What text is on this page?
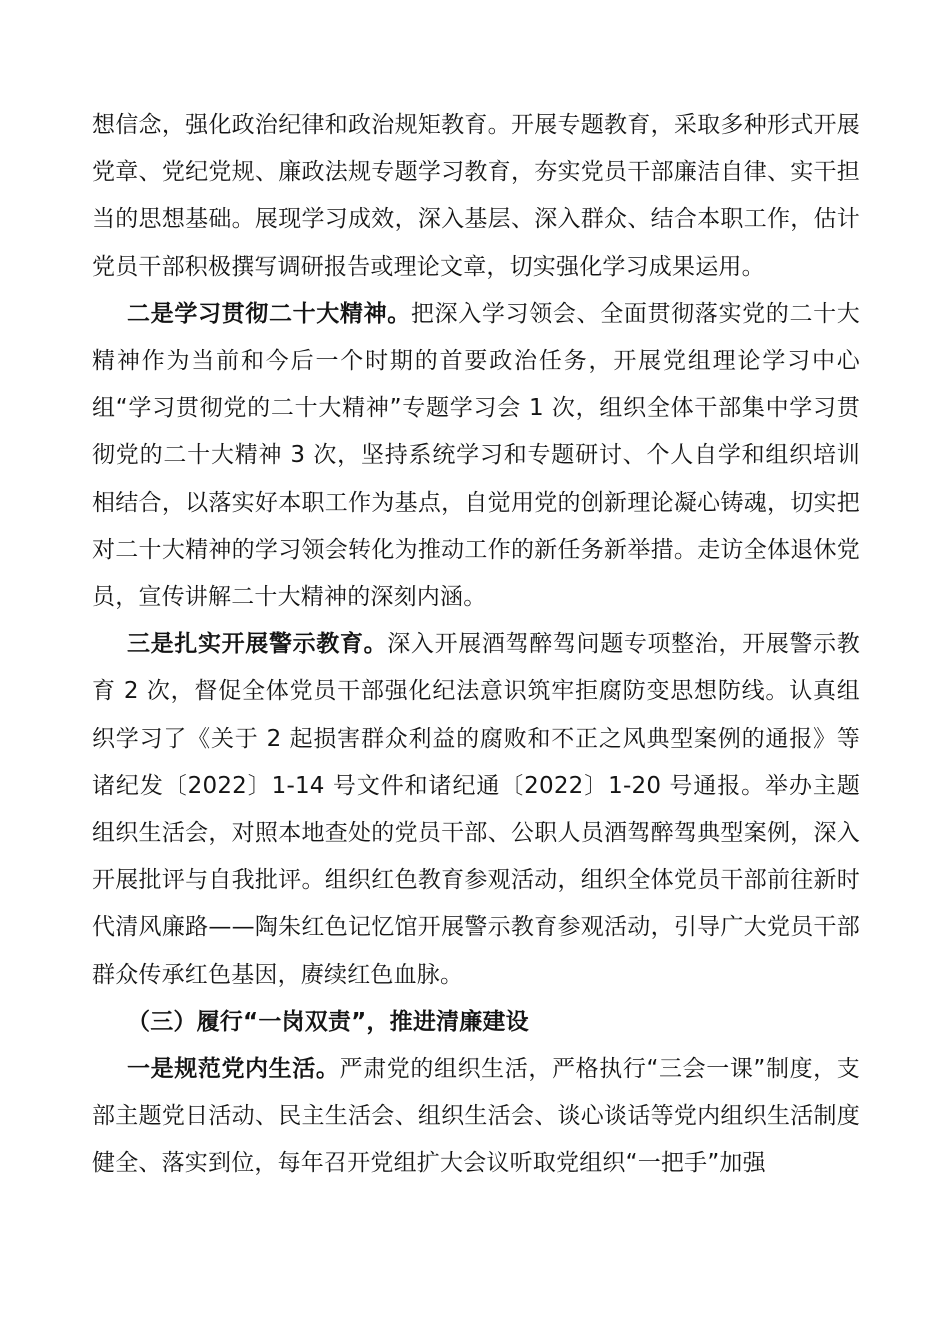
想信念，强化政治纪律和政治规矩教育。开展专题教育，采取多种形式开展党章、党纪党规、廉政法规专题学习教育，夯实党员干部廉洁自律、实干担当的思想基础。展现学习成效，深入基层、深入群众、结合本职工作，估计党员干部积极撰写调研报告或理论文章，切实强化学习成果运用。

二是学习贯彻二十大精神。把深入学习领会、全面贯彻落实党的二十大精神作为当前和今后一个时期的首要政治任务，开展党组理论学习中心组“学习贯彻党的二十大精神”专题学习会 1 次，组织全体干部集中学习贯彻党的二十大精神 3 次，坚持系统学习和专题研讨、个人自学和组织培训相结合，以落实好本职工作为基点，自觉用党的创新理论凝心铸魂，切实把对二十大精神的学习领会转化为推动工作的新任务新举措。走访全体退休党员，宣传讲解二十大精神的深刻内涵。

三是扎实开展警示教育。深入开展酒驾醉驾问题专项整治，开展警示教育 2 次，督促全体党员干部强化纪法意识筑牢拒腐防变思想防线。认真组织学习了《关于 2 起损害群众利益的腐败和不正之风典型案例的通报》等诸纪发〔2022〕1-14 号文件和诸纪通〔2022〕1-20 号通报。举办主题组织生活会，对照本地查处的党员干部、公职人员酒驾醉驾典型案例，深入开展批评与自我批评。组织红色教育参观活动，组织全体党员干部前往新时代清风廉路——陶朱红色记忆馆开展警示教育参观活动，引导广大党员干部群众传承红色基因，赓续红色血脉。

（三）履行“一岗双责”，推进清廉建设

一是规范党内生活。严肃党的组织生活，严格执行“三会一课”制度，支部主题党日活动、民主生活会、组织生活会、谈心谈话等党内组织生活制度健全、落实到位，每年召开党组扩大会议听取党组织“一把手”加强
